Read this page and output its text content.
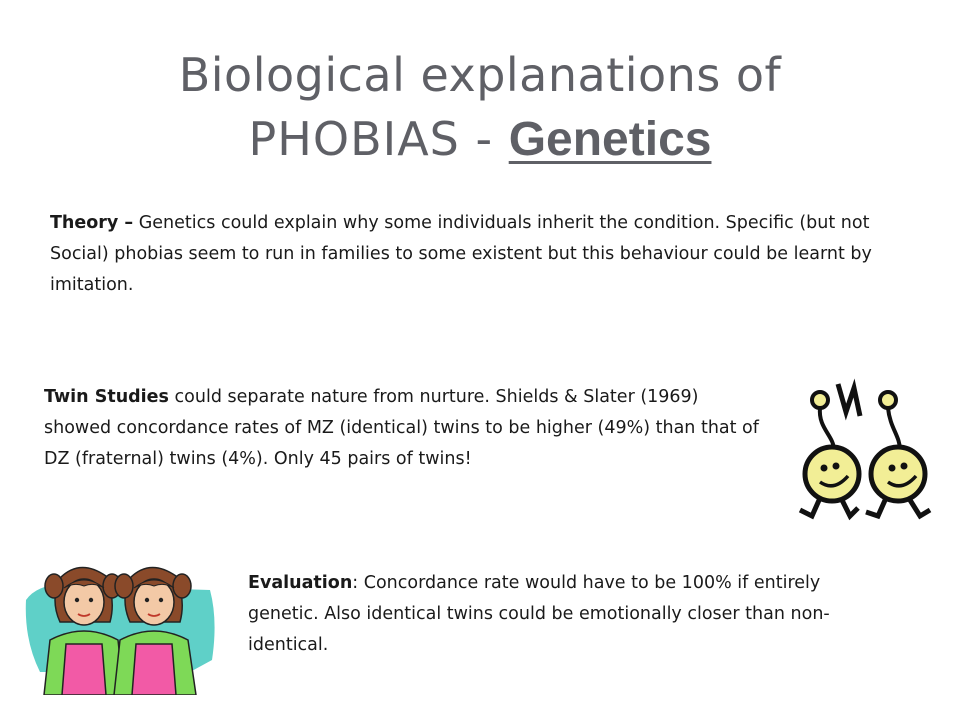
Biological explanations of
PHOBIAS - Genetics
Theory – Genetics could explain why some individuals inherit the condition. Specific (but not Social) phobias seem to run in families to some existent but this behaviour could be learnt by imitation.
Twin Studies could separate nature from nurture. Shields & Slater (1969) showed concordance rates of MZ (identical) twins to be higher (49%) than that of DZ (fraternal) twins (4%). Only 45 pairs of twins!
Evaluation: Concordance rate would have to be 100% if entirely genetic. Also identical twins could be emotionally closer than non-identical.
